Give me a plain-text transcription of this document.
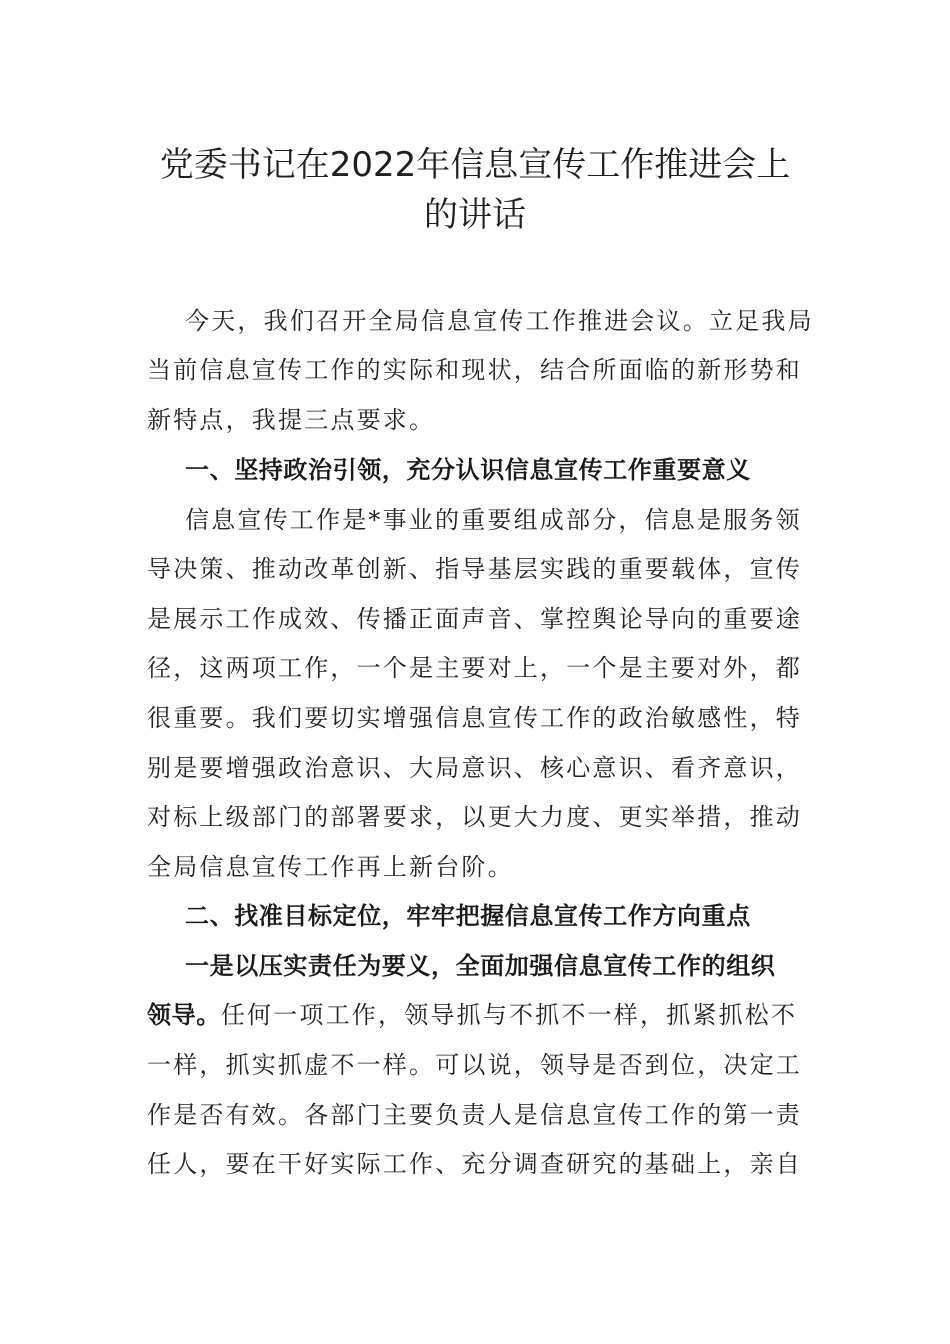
党委书记在2022年信息宣传工作推进会上
的讲话

今天，我们召开全局信息宣传工作推进会议。立足我局

当前信息宣传工作的实际和现状，结合所面临的新形势和

新特点，我提三点要求。

一、坚持政治引领，充分认识信息宣传工作重要意义

信息宣传工作是*事业的重要组成部分，信息是服务领

导决策、推动改革创新、指导基层实践的重要载体，宣传

是展示工作成效、传播正面声音、掌控舆论导向的重要途

径，这两项工作，一个是主要对上，一个是主要对外，都

很重要。我们要切实增强信息宣传工作的政治敏感性，特

别是要增强政治意识、大局意识、核心意识、看齐意识，

对标上级部门的部署要求，以更大力度、更实举措，推动

全局信息宣传工作再上新台阶。

二、找准目标定位，牢牢把握信息宣传工作方向重点

一是以压实责任为要义，全面加强信息宣传工作的组织

领导。任何一项工作，领导抓与不抓不一样，抓紧抓松不

一样，抓实抓虚不一样。可以说，领导是否到位，决定工

作是否有效。各部门主要负责人是信息宣传工作的第一责

任人，要在干好实际工作、充分调查研究的基础上，亲自
